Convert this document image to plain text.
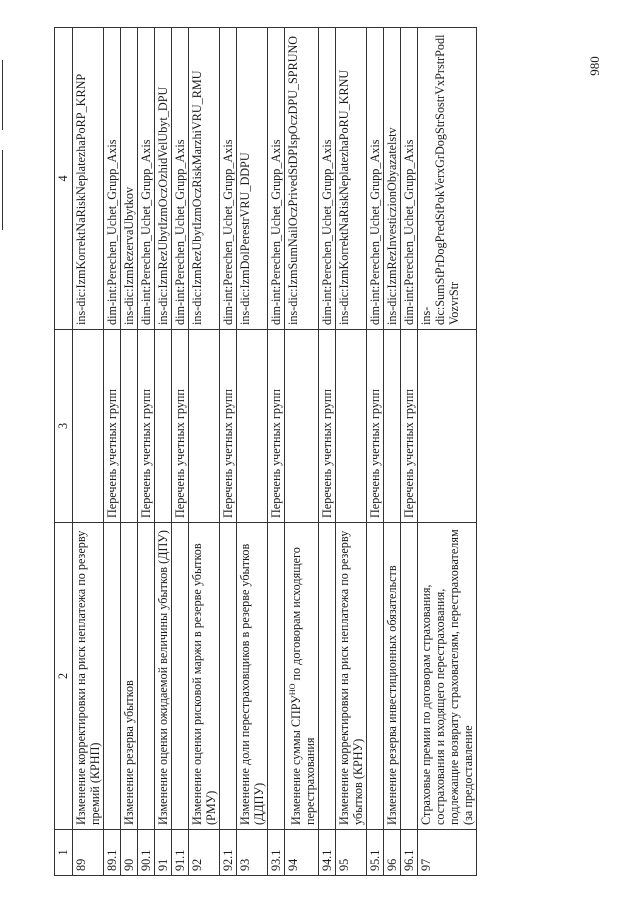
980
1	2	3	4
89	Изменение корректировки на риск неплатежа по резерву премий (КРНП)		ins-dic:IzmKorrektNaRiskNeplatezhaPoRP_KRNP
89.1		Перечень учетных групп	dim-int:Perechen_Uchet_Grupp_Axis
90	Изменение резерва убытков		ins-dic:IzmRezervaUbytkov
90.1		Перечень учетных групп	dim-int:Perechen_Uchet_Grupp_Axis
91	Изменение оценки ожидаемой величины убытков (ДПУ)		ins-dic:IzmRezUbytIzmOczOzhidVelUbyt_DPU
91.1		Перечень учетных групп	dim-int:Perechen_Uchet_Grupp_Axis
92	Изменение оценки рисковой маржи в резерве убытков (РМУ)		ins-dic:IzmRezUbytIzmOczRiskMarzhiVRU_RMU
92.1		Перечень учетных групп	dim-int:Perechen_Uchet_Grupp_Axis
93	Изменение доли перестраховщиков в резерве убытков (ДДПУ)		ins-dic:IzmDolPerestrVRU_DDPU
93.1		Перечень учетных групп	dim-int:Perechen_Uchet_Grupp_Axis
94	Изменение суммы $СПРУ^{НО}$ по договорам исходящего перестрахования		ins-dic:IzmSumNailOczPrivedStDPIspOczDPU_SPRUNO
94.1		Перечень учетных групп	dim-int:Perechen_Uchet_Grupp_Axis
95	Изменение корректировки на риск неплатежа по резерву убытков (КРНУ)		ins-dic:IzmKorrektNaRiskNeplatezhaPoRU_KRNU
95.1		Перечень учетных групп	dim-int:Perechen_Uchet_Grupp_Axis
96	Изменение резерва инвестиционных обязательств		ins-dic:IzmRezInvesticzionObyazatelstv
96.1		Перечень учетных групп	dim-int:Perechen_Uchet_Grupp_Axis
97	Страховые премии по договорам страхования, сострахования и входящего перестрахования, подлежащие возврату страхователям, перестрахователям (за предоставление		ins-dic:SumStPrDogPredStPokVerxGrDogStrSostrVxPrstrPodlVozvrStr
